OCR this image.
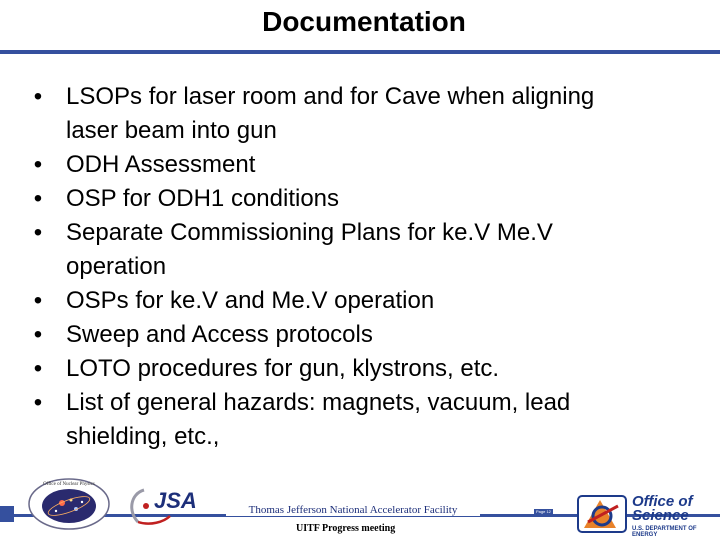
Documentation
• LSOPs for laser room and for Cave when aligning
laser beam into gun
• ODH Assessment
• OSP for ODH1 conditions
• Separate Commissioning Plans for ke.V Me.V
operation
• OSPs for ke.V and Me.V operation
• Sweep and Access protocols
• LOTO procedures for gun, klystrons, etc.
• List of general hazards: magnets, vacuum, lead
shielding, etc.,
Office of Nuclear Physics
JSA	Thomas Jefferson National Accelerator Facility
UITF Progress meeting
Page 12
Office of
Science
U.S. DEPARTMENT OF ENERGY
